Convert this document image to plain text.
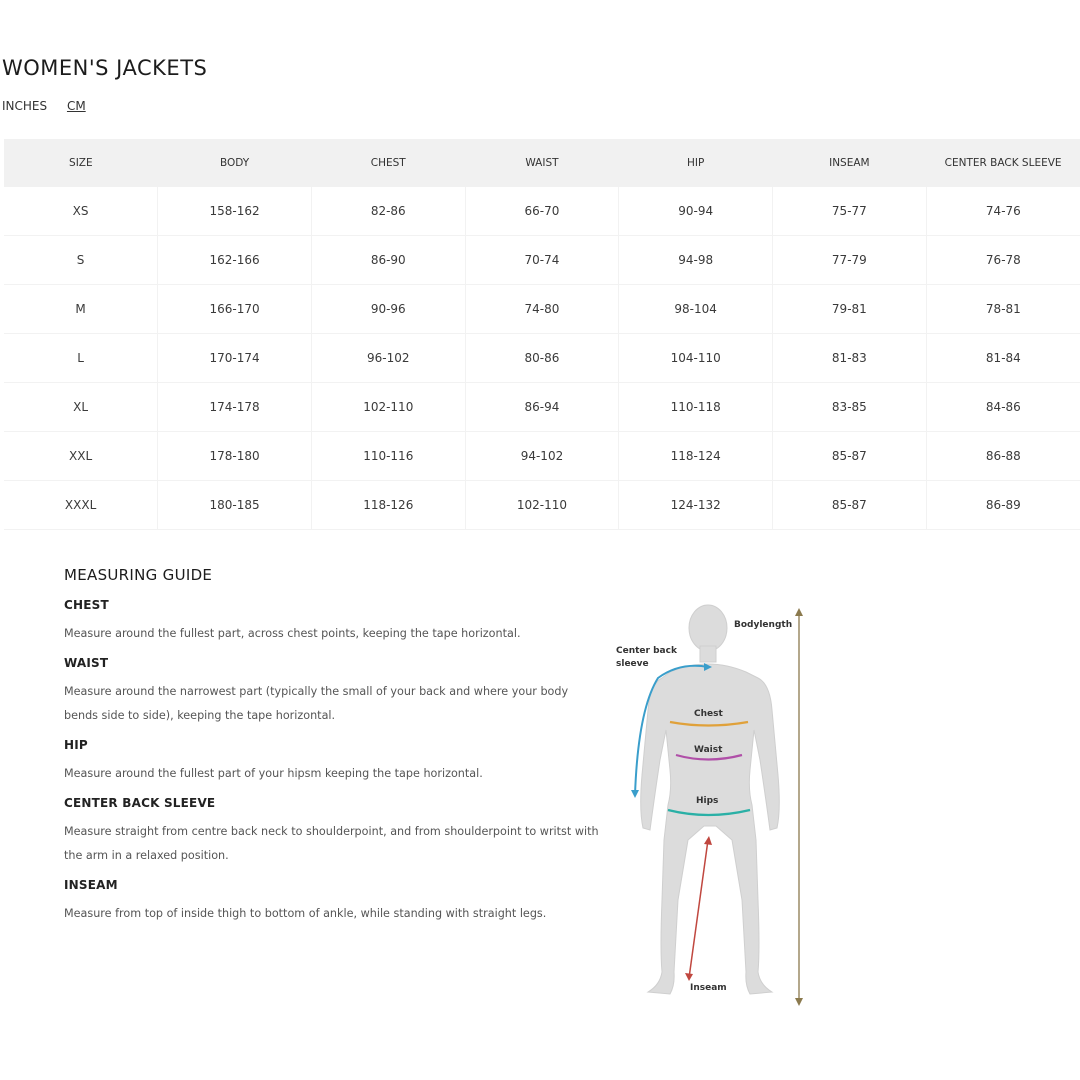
WOMEN'S JACKETS
INCHES CM
SIZE	BODY	CHEST	WAIST	HIP	INSEAM	CENTER BACK SLEEVE
XS	158-162	82-86	66-70	90-94	75-77	74-76
S	162-166	86-90	70-74	94-98	77-79	76-78
M	166-170	90-96	74-80	98-104	79-81	78-81
L	170-174	96-102	80-86	104-110	81-83	81-84
XL	174-178	102-110	86-94	110-118	83-85	84-86
XXL	178-180	110-116	94-102	118-124	85-87	86-88
XXXL	180-185	118-126	102-110	124-132	85-87	86-89
MEASURING GUIDE
CHEST

Measure around the fullest part, across chest points, keeping the tape horizontal.

WAIST

Measure around the narrowest part (typically the small of your back and where your body bends side to side), keeping the tape horizontal.

HIP

Measure around the fullest part of your hipsm keeping the tape horizontal.

CENTER BACK SLEEVE

Measure straight from centre back neck to shoulderpoint, and from shoulderpoint to writst with the arm in a relaxed position.

INSEAM

Measure from top of inside thigh to bottom of ankle, while standing with straight legs.

Bodylength
Center back
sleeve
Chest
Waist
Hips
Inseam
